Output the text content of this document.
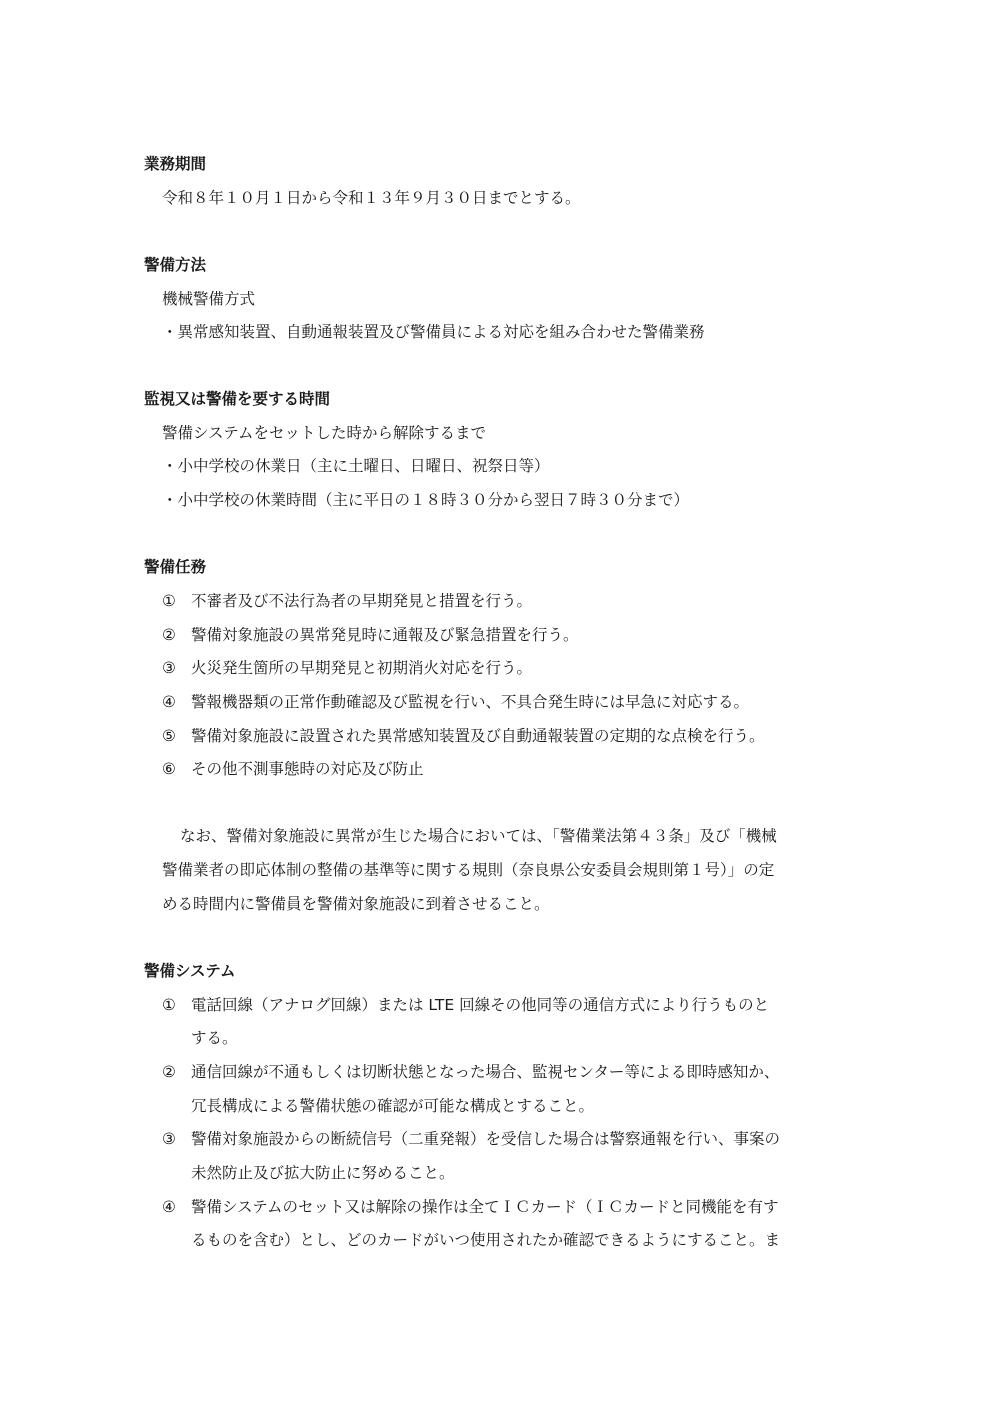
業務期間
令和８年１０月１日から令和１３年９月３０日までとする。
警備方法
機械警備方式
・異常感知装置、自動通報装置及び警備員による対応を組み合わせた警備業務
監視又は警備を要する時間
警備システムをセットした時から解除するまで
・小中学校の休業日（主に土曜日、日曜日、祝祭日等）
・小中学校の休業時間（主に平日の１８時３０分から翌日７時３０分まで）
警備任務
① 不審者及び不法行為者の早期発見と措置を行う。
② 警備対象施設の異常発見時に通報及び緊急措置を行う。
③ 火災発生箇所の早期発見と初期消火対応を行う。
④ 警報機器類の正常作動確認及び監視を行い、不具合発生時には早急に対応する。
⑤ 警備対象施設に設置された異常感知装置及び自動通報装置の定期的な点検を行う。
⑥ その他不測事態時の対応及び防止
なお、警備対象施設に異常が生じた場合においては、「警備業法第４３条」及び「機械
警備業者の即応体制の整備の基準等に関する規則（奈良県公安委員会規則第１号）」の定
める時間内に警備員を警備対象施設に到着させること。
警備システム
① 電話回線（アナログ回線）または LTE 回線その他同等の通信方式により行うものと
する。
② 通信回線が不通もしくは切断状態となった場合、監視センター等による即時感知か、
冗長構成による警備状態の確認が可能な構成とすること。
③ 警備対象施設からの断続信号（二重発報）を受信した場合は警察通報を行い、事案の
未然防止及び拡大防止に努めること。
④ 警備システムのセット又は解除の操作は全てＩＣカード（ＩＣカードと同機能を有す
るものを含む）とし、どのカードがいつ使用されたか確認できるようにすること。ま
